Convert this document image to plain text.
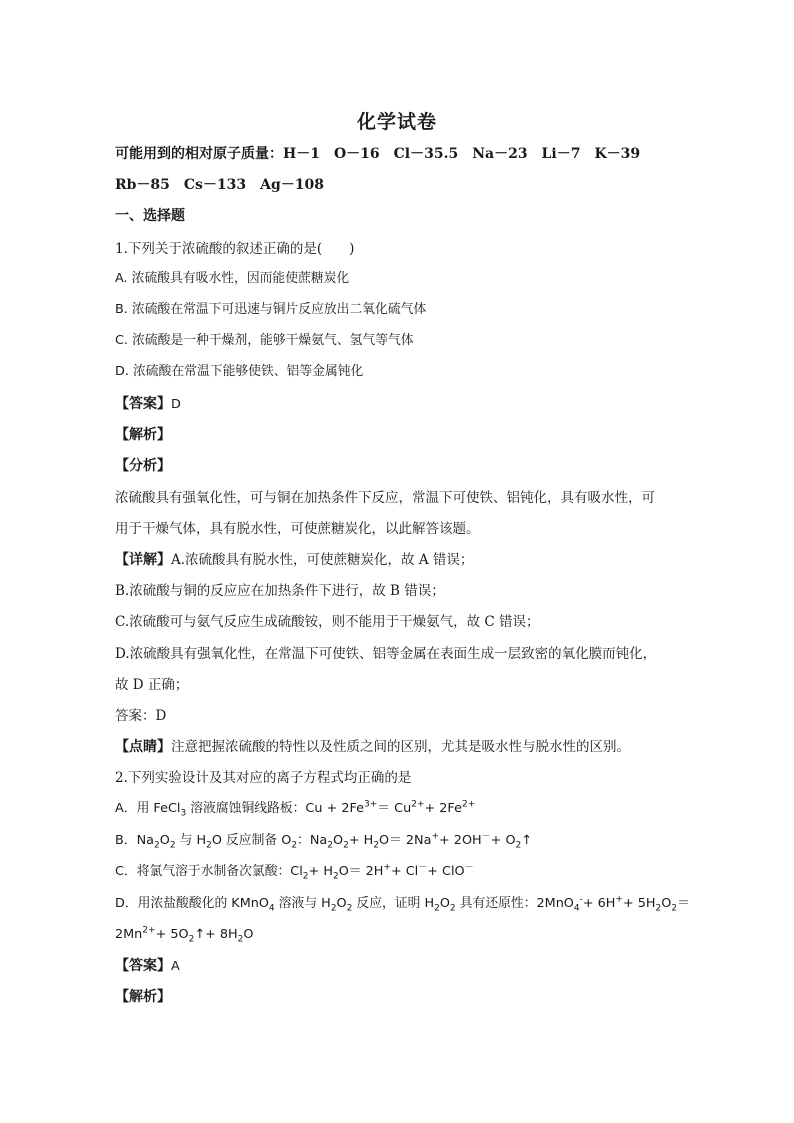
化学试卷
可能用到的相对原子质量：H－1　O－16　Cl－35.5　Na－23　Li－7　K－39
Rb－85　Cs－133　Ag－108
一、选择题
1.下列关于浓硫酸的叙述正确的是(　　)
A. 浓硫酸具有吸水性，因而能使蔗糖炭化
B. 浓硫酸在常温下可迅速与铜片反应放出二氧化硫气体
C. 浓硫酸是一种干燥剂，能够干燥氨气、氢气等气体
D. 浓硫酸在常温下能够使铁、铝等金属钝化
【答案】D
【解析】
【分析】
浓硫酸具有强氧化性，可与铜在加热条件下反应，常温下可使铁、铝钝化，具有吸水性，可
用于干燥气体，具有脱水性，可使蔗糖炭化，以此解答该题。
【详解】A.浓硫酸具有脱水性，可使蔗糖炭化，故 A 错误；
B.浓硫酸与铜的反应应在加热条件下进行，故 B 错误；
C.浓硫酸可与氨气反应生成硫酸铵，则不能用于干燥氨气，故 C 错误；
D.浓硫酸具有强氧化性，在常温下可使铁、铝等金属在表面生成一层致密的氧化膜而钝化，
故 D 正确；
答案：D
【点睛】注意把握浓硫酸的特性以及性质之间的区别，尤其是吸水性与脱水性的区别。
2.下列实验设计及其对应的离子方程式均正确的是
A．用 FeCl$_3$ 溶液腐蚀铜线路板：$Cu + 2Fe^{3+}= Cu^{2+}+ 2Fe^{2+}$
B．$Na_2O_2$ 与 $H_2O$ 反应制备 $O_2$：$Na_2O_2+ H_2O= 2Na^++ 2OH^-+$ $O_2↑$
C．将氯气溶于水制备次氯酸：$Cl_2+ H_2O= 2H^++ Cl^-+ ClO^-$
D．用浓盐酸酸化的 KMnO$_4$ 溶液与 $H_2O_2$ 反应，证明 $H_2O_2$ 具有还原性：$2MnO_4^-+ 6H^++ 5H_2O_2=$
$2Mn^{2+}+$ $5O_2↑+ 8H_2O$
【答案】A
【解析】
